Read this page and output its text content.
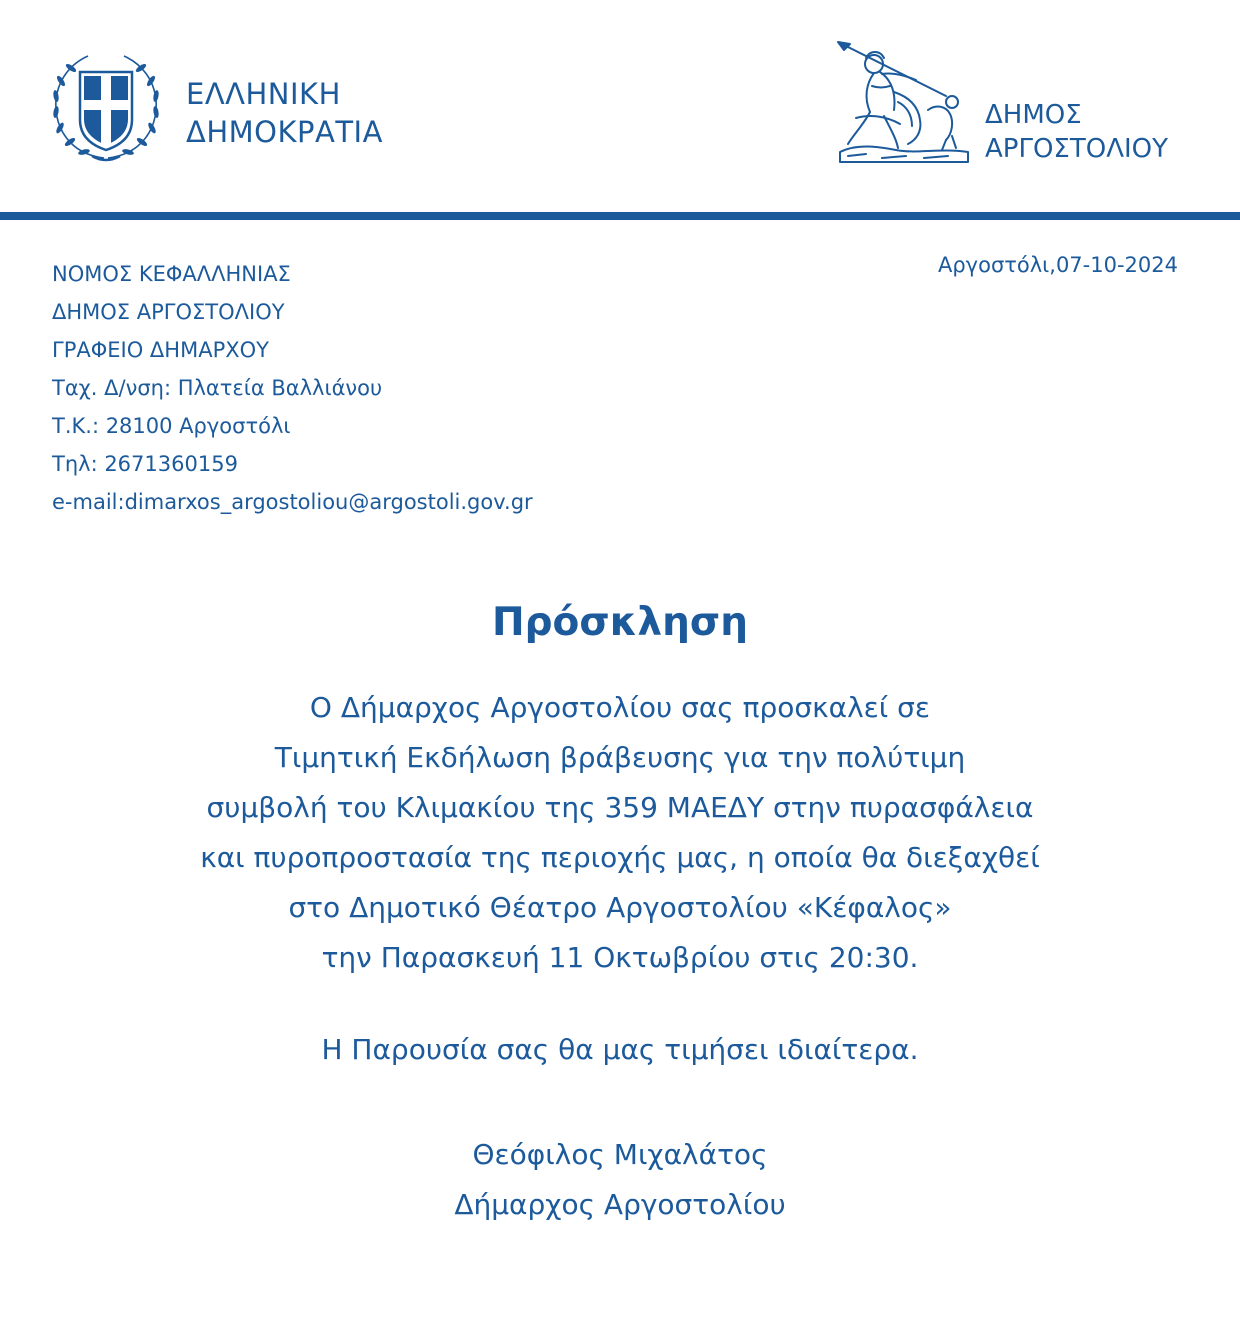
ΕΛΛΗΝΙΚΗ
ΔΗΜΟΚΡΑΤΙΑ	ΔΗΜΟΣ
ΑΡΓΟΣΤΟΛΙΟΥ
ΝΟΜΟΣ ΚΕΦΑΛΛΗΝΙΑΣ
ΔΗΜΟΣ ΑΡΓΟΣΤΟΛΙΟΥ
ΓΡΑΦΕΙΟ ΔΗΜΑΡΧΟΥ
Ταχ. Δ/νση: Πλατεία Βαλλιάνου
Τ.Κ.: 28100 Αργοστόλι
Τηλ: 2671360159
e-mail:dimarxos_argostoliou@argostoli.gov.gr
Αργοστόλι,07-10-2024
Πρόσκληση
Ο Δήμαρχος Αργοστολίου σας προσκαλεί σε
Τιμητική Εκδήλωση βράβευσης για την πολύτιμη
συμβολή του Κλιμακίου της 359 ΜΑΕΔΥ στην πυρασφάλεια
και πυροπροστασία της περιοχής μας, η οποία θα διεξαχθεί
στο Δημοτικό Θέατρο Αργοστολίου «Κέφαλος»
την Παρασκευή 11 Οκτωβρίου στις 20:30.
Η Παρουσία σας θα μας τιμήσει ιδιαίτερα.
Θεόφιλος Μιχαλάτος
Δήμαρχος Αργοστολίου
